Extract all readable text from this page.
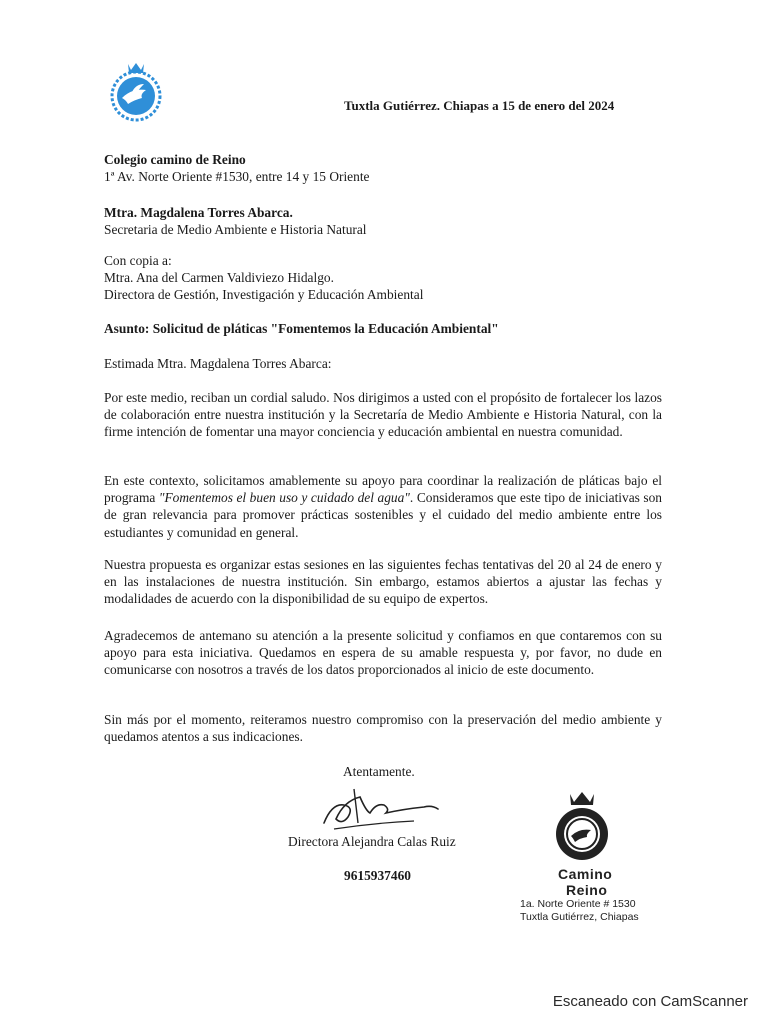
Tuxtla Gutiérrez. Chiapas a 15 de enero del 2024
Colegio camino de Reino
1ª Av. Norte Oriente #1530, entre 14 y 15 Oriente
Mtra. Magdalena Torres Abarca.
Secretaria de Medio Ambiente e Historia Natural
Con copia a:
Mtra. Ana del Carmen Valdiviezo Hidalgo.
Directora de Gestión, Investigación y Educación Ambiental
Asunto: Solicitud de pláticas "Fomentemos la Educación Ambiental"
Estimada Mtra. Magdalena Torres Abarca:
Por este medio, reciban un cordial saludo. Nos dirigimos a usted con el propósito de fortalecer los lazos de colaboración entre nuestra institución y la Secretaría de Medio Ambiente e Historia Natural, con la firme intención de fomentar una mayor conciencia y educación ambiental en nuestra comunidad.
En este contexto, solicitamos amablemente su apoyo para coordinar la realización de pláticas bajo el programa "Fomentemos el buen uso y cuidado del agua". Consideramos que este tipo de iniciativas son de gran relevancia para promover prácticas sostenibles y el cuidado del medio ambiente entre los estudiantes y comunidad en general.
Nuestra propuesta es organizar estas sesiones en las siguientes fechas tentativas del 20 al 24 de enero y en las instalaciones de nuestra institución. Sin embargo, estamos abiertos a ajustar las fechas y modalidades de acuerdo con la disponibilidad de su equipo de expertos.
Agradecemos de antemano su atención a la presente solicitud y confiamos en que contaremos con su apoyo para esta iniciativa. Quedamos en espera de su amable respuesta y, por favor, no dude en comunicarse con nosotros a través de los datos proporcionados al inicio de este documento.
Sin más por el momento, reiteramos nuestro compromiso con la preservación del medio ambiente y quedamos atentos a sus indicaciones.
Atentamente.
Directora Alejandra Calas Ruiz
9615937460	Camino
Reino
1a. Norte Oriente # 1530
Tuxtla Gutiérrez, Chiapas
Escaneado con CamScanner
